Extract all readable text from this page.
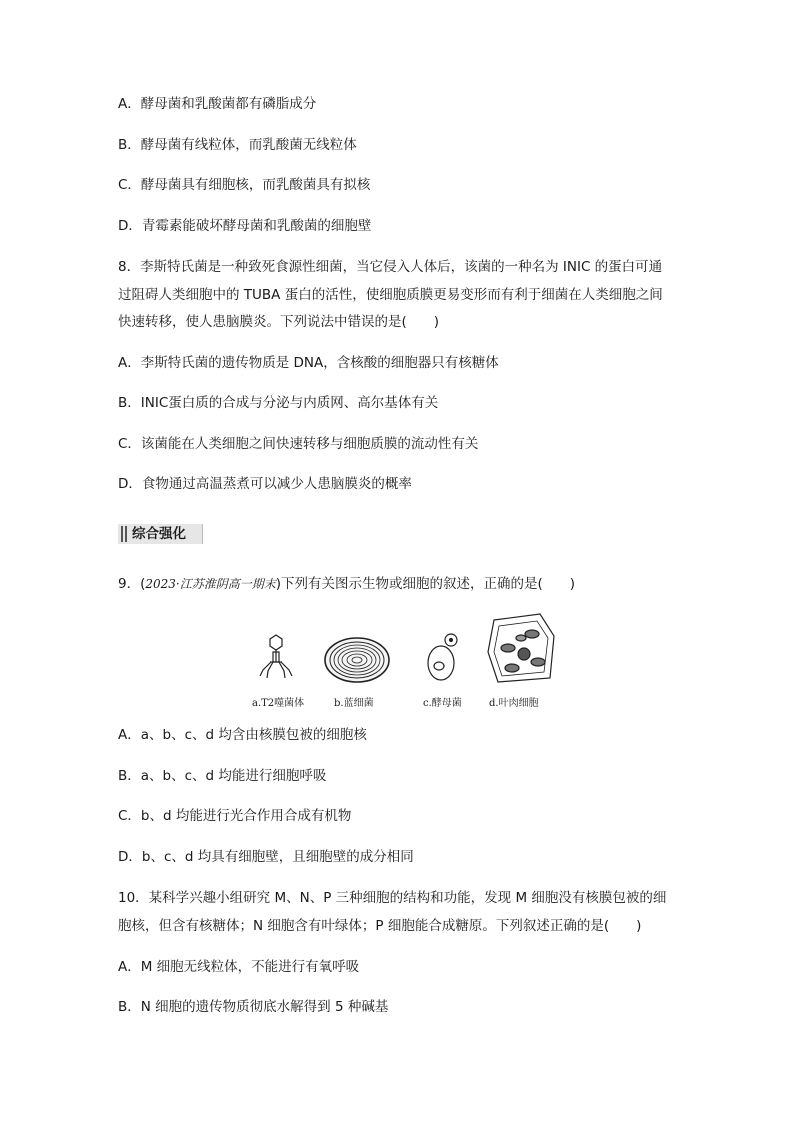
A．酵母菌和乳酸菌都有磷脂成分
B．酵母菌有线粒体，而乳酸菌无线粒体
C．酵母菌具有细胞核，而乳酸菌具有拟核
D．青霉素能破坏酵母菌和乳酸菌的细胞壁
8．李斯特氏菌是一种致死食源性细菌，当它侵入人体后，该菌的一种名为 INIC 的蛋白可通
过阻碍人类细胞中的 TUBA 蛋白的活性，使细胞质膜更易变形而有利于细菌在人类细胞之间
快速转移，使人患脑膜炎。下列说法中错误的是(　　)
A．李斯特氏菌的遗传物质是 DNA，含核酸的细胞器只有核糖体
B．INIC蛋白质的合成与分泌与内质网、高尔基体有关
C．该菌能在人类细胞之间快速转移与细胞质膜的流动性有关
D．食物通过高温蒸煮可以减少人患脑膜炎的概率
综合强化
9．(2023·江苏淮阴高一期末)下列有关图示生物或细胞的叙述，正确的是(　　)
a.T2噬菌体	b.蓝细菌	c.酵母菌	d.叶肉细胞
A．a、b、c、d 均含由核膜包被的细胞核
B．a、b、c、d 均能进行细胞呼吸
C．b、d 均能进行光合作用合成有机物
D．b、c、d 均具有细胞壁，且细胞壁的成分相同
10．某科学兴趣小组研究 M、N、P 三种细胞的结构和功能，发现 M 细胞没有核膜包被的细
胞核，但含有核糖体；N 细胞含有叶绿体；P 细胞能合成糖原。下列叙述正确的是(　　)
A．M 细胞无线粒体，不能进行有氧呼吸
B．N 细胞的遗传物质彻底水解得到 5 种碱基
